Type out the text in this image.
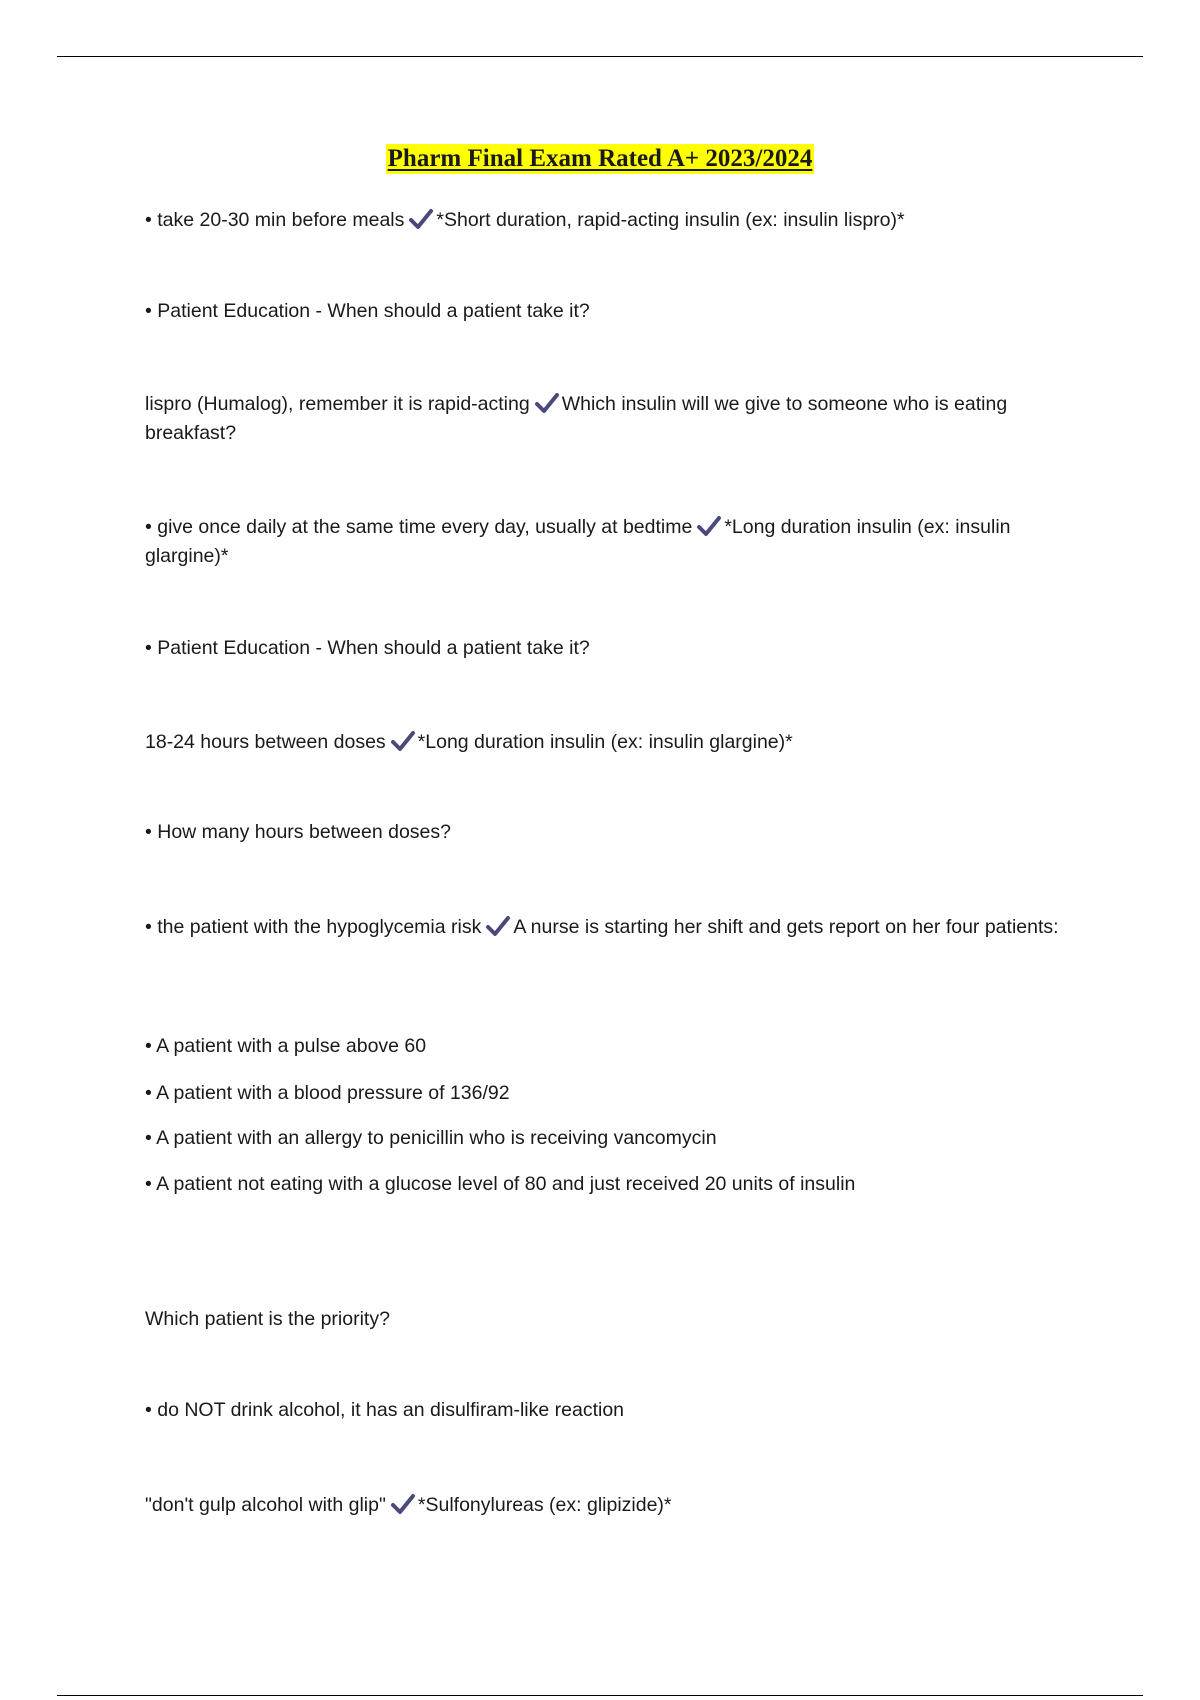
Pharm Final Exam Rated A+ 2023/2024
• take 20-30 min before meals *Short duration, rapid-acting insulin (ex: insulin lispro)*
• Patient Education - When should a patient take it?
lispro (Humalog), remember it is rapid-acting Which insulin will we give to someone who is eating breakfast?
• give once daily at the same time every day, usually at bedtime *Long duration insulin (ex: insulin glargine)*
• Patient Education - When should a patient take it?
18-24 hours between doses *Long duration insulin (ex: insulin glargine)*
• How many hours between doses?
• the patient with the hypoglycemia risk A nurse is starting her shift and gets report on her four patients:
• A patient with a pulse above 60
• A patient with a blood pressure of 136/92
• A patient with an allergy to penicillin who is receiving vancomycin
• A patient not eating with a glucose level of 80 and just received 20 units of insulin
Which patient is the priority?
• do NOT drink alcohol, it has an disulfiram-like reaction
"don't gulp alcohol with glip" *Sulfonylureas (ex: glipizide)*
